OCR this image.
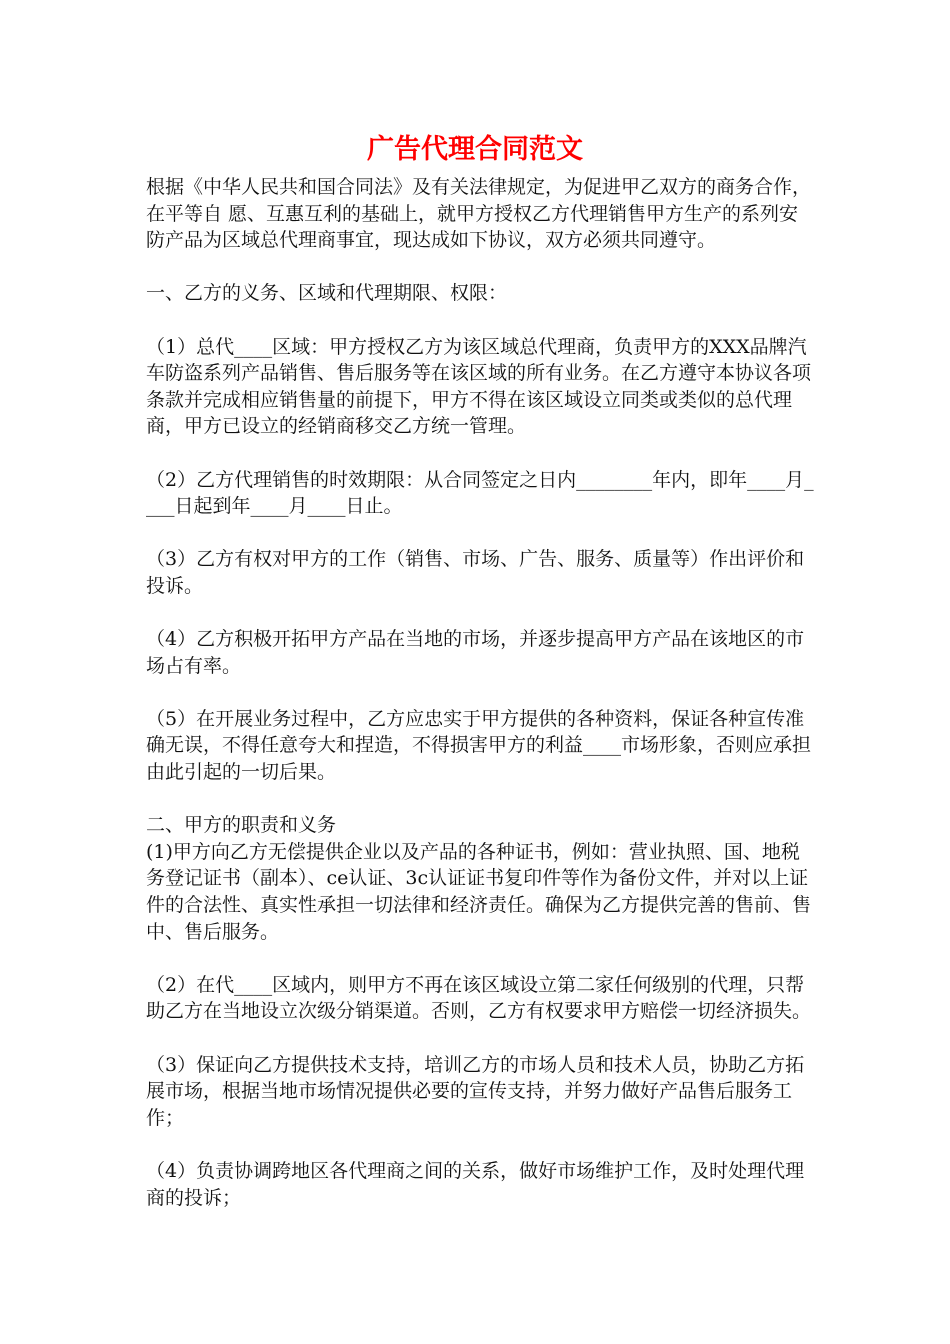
广告代理合同范文

根据《中华人民共和国合同法》及有关法律规定，为促进甲乙双方的商务合作，在平等自 愿、互惠互利的基础上，就甲方授权乙方代理销售甲方生产的系列安防产品为区域总代理商事宜，现达成如下协议，双方必须共同遵守。

一、乙方的义务、区域和代理期限、权限：

（1）总代____区域：甲方授权乙方为该区域总代理商，负责甲方的XXX品牌汽车防盗系列产品销售、售后服务等在该区域的所有业务。在乙方遵守本协议各项条款并完成相应销售量的前提下，甲方不得在该区域设立同类或类似的总代理商，甲方已设立的经销商移交乙方统一管理。

（2）乙方代理销售的时效期限：从合同签定之日内________年内，即年____月____日起到年____月____日止。

（3）乙方有权对甲方的工作（销售、市场、广告、服务、质量等）作出评价和投诉。

（4）乙方积极开拓甲方产品在当地的市场，并逐步提高甲方产品在该地区的市场占有率。

（5）在开展业务过程中，乙方应忠实于甲方提供的各种资料，保证各种宣传准确无误，不得任意夸大和捏造，不得损害甲方的利益____市场形象，否则应承担由此引起的一切后果。

二、甲方的职责和义务

(1)甲方向乙方无偿提供企业以及产品的各种证书，例如：营业执照、国、地税务登记证书（副本）、ce认证、3c认证证书复印件等作为备份文件，并对以上证件的合法性、真实性承担一切法律和经济责任。确保为乙方提供完善的售前、售中、售后服务。

（2）在代____区域内，则甲方不再在该区域设立第二家任何级别的代理，只帮助乙方在当地设立次级分销渠道。否则，乙方有权要求甲方赔偿一切经济损失。

（3）保证向乙方提供技术支持，培训乙方的市场人员和技术人员，协助乙方拓展市场，根据当地市场情况提供必要的宣传支持，并努力做好产品售后服务工作；

（4）负责协调跨地区各代理商之间的关系，做好市场维护工作，及时处理代理商的投诉；
